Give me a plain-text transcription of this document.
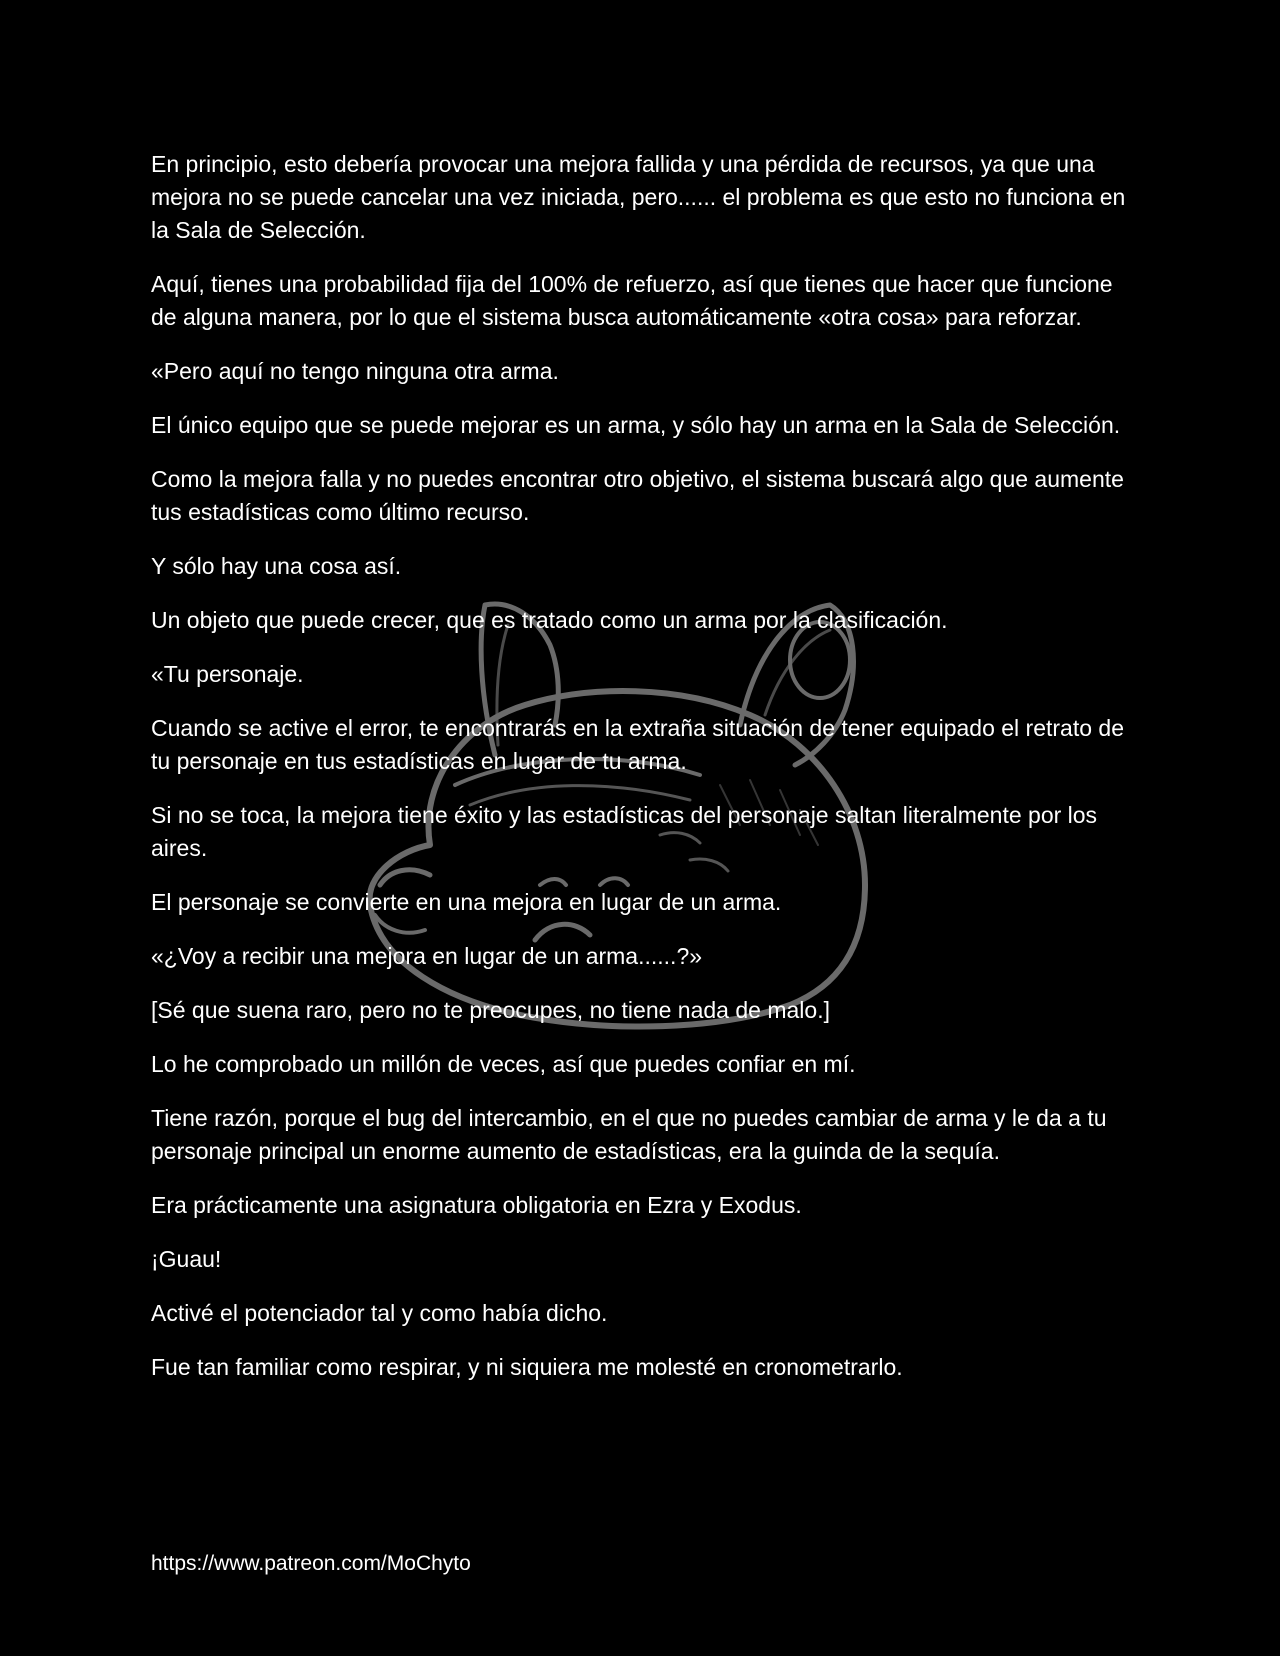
En principio, esto debería provocar una mejora fallida y una pérdida de recursos, ya que una mejora no se puede cancelar una vez iniciada, pero...... el problema es que esto no funciona en la Sala de Selección.

Aquí, tienes una probabilidad fija del 100% de refuerzo, así que tienes que hacer que funcione de alguna manera, por lo que el sistema busca automáticamente «otra cosa» para reforzar.

«Pero aquí no tengo ninguna otra arma.

El único equipo que se puede mejorar es un arma, y sólo hay un arma en la Sala de Selección.

Como la mejora falla y no puedes encontrar otro objetivo, el sistema buscará algo que aumente tus estadísticas como último recurso.

Y sólo hay una cosa así.

Un objeto que puede crecer, que es tratado como un arma por la clasificación.

«Tu personaje.

Cuando se active el error, te encontrarás en la extraña situación de tener equipado el retrato de tu personaje en tus estadísticas en lugar de tu arma.

Si no se toca, la mejora tiene éxito y las estadísticas del personaje saltan literalmente por los aires.

El personaje se convierte en una mejora en lugar de un arma.

«¿Voy a recibir una mejora en lugar de un arma......?»

[Sé que suena raro, pero no te preocupes, no tiene nada de malo.]

Lo he comprobado un millón de veces, así que puedes confiar en mí.

Tiene razón, porque el bug del intercambio, en el que no puedes cambiar de arma y le da a tu personaje principal un enorme aumento de estadísticas, era la guinda de la sequía.

Era prácticamente una asignatura obligatoria en Ezra y Exodus.

¡Guau!

Activé el potenciador tal y como había dicho.

Fue tan familiar como respirar, y ni siquiera me molesté en cronometrarlo.

https://www.patreon.com/MoChyto
